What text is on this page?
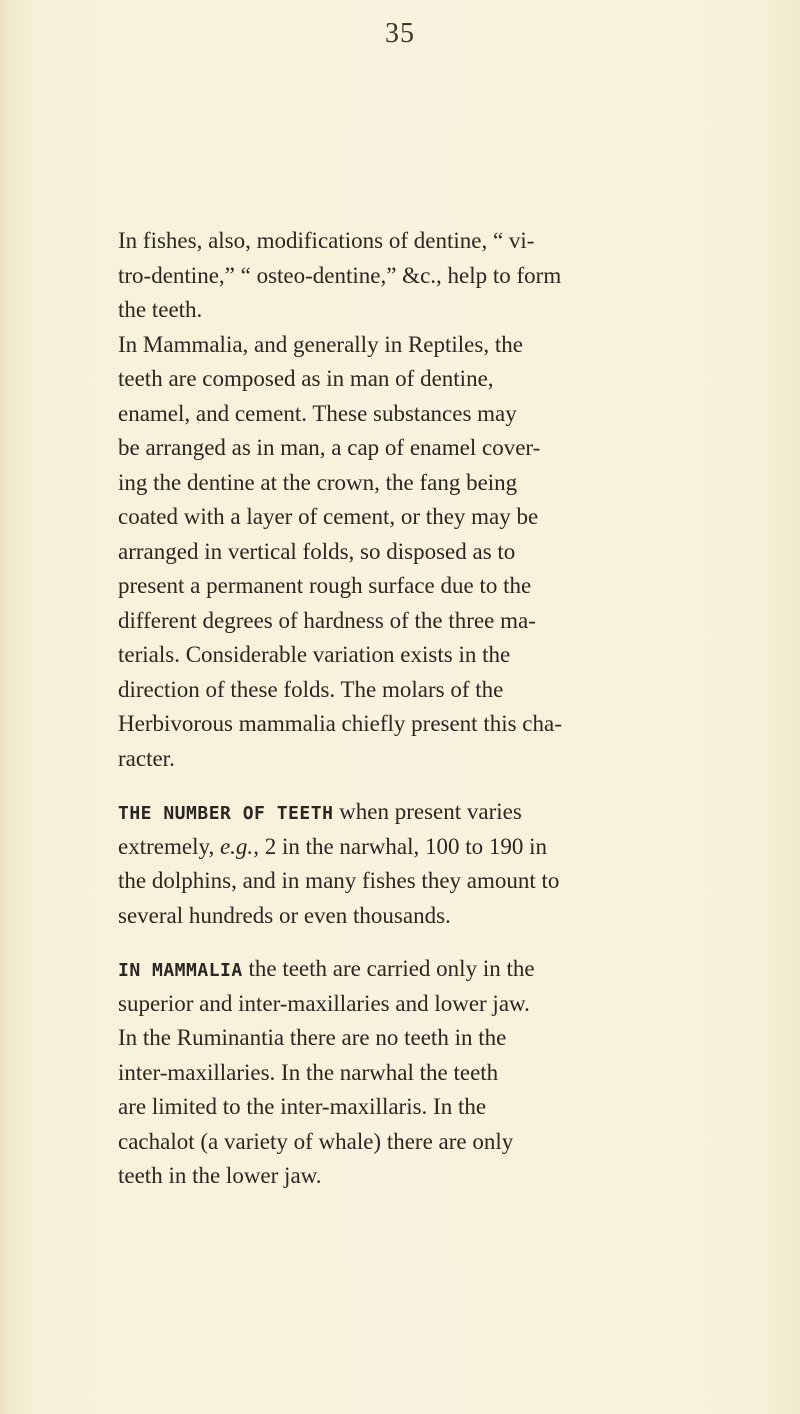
35
In fishes, also, modifications of dentine, “ vi-
tro-dentine,” “ osteo-dentine,” &c., help to form
the teeth.
In Mammalia, and generally in Reptiles, the
teeth are composed as in man of dentine,
enamel, and cement. These substances may
be arranged as in man, a cap of enamel cover-
ing the dentine at the crown, the fang being
coated with a layer of cement, or they may be
arranged in vertical folds, so disposed as to
present a permanent rough surface due to the
different degrees of hardness of the three ma-
terials. Considerable variation exists in the
direction of these folds. The molars of the
Herbivorous mammalia chiefly present this cha-
racter.
THE NUMBER OF TEETH when present varies
extremely, e.g., 2 in the narwhal, 100 to 190 in
the dolphins, and in many fishes they amount to
several hundreds or even thousands.
IN MAMMALIA the teeth are carried only in the
superior and inter-maxillaries and lower jaw.
In the Ruminantia there are no teeth in the
inter-maxillaries. In the narwhal the teeth
are limited to the inter-maxillaris. In the
cachalot (a variety of whale) there are only
teeth in the lower jaw.
